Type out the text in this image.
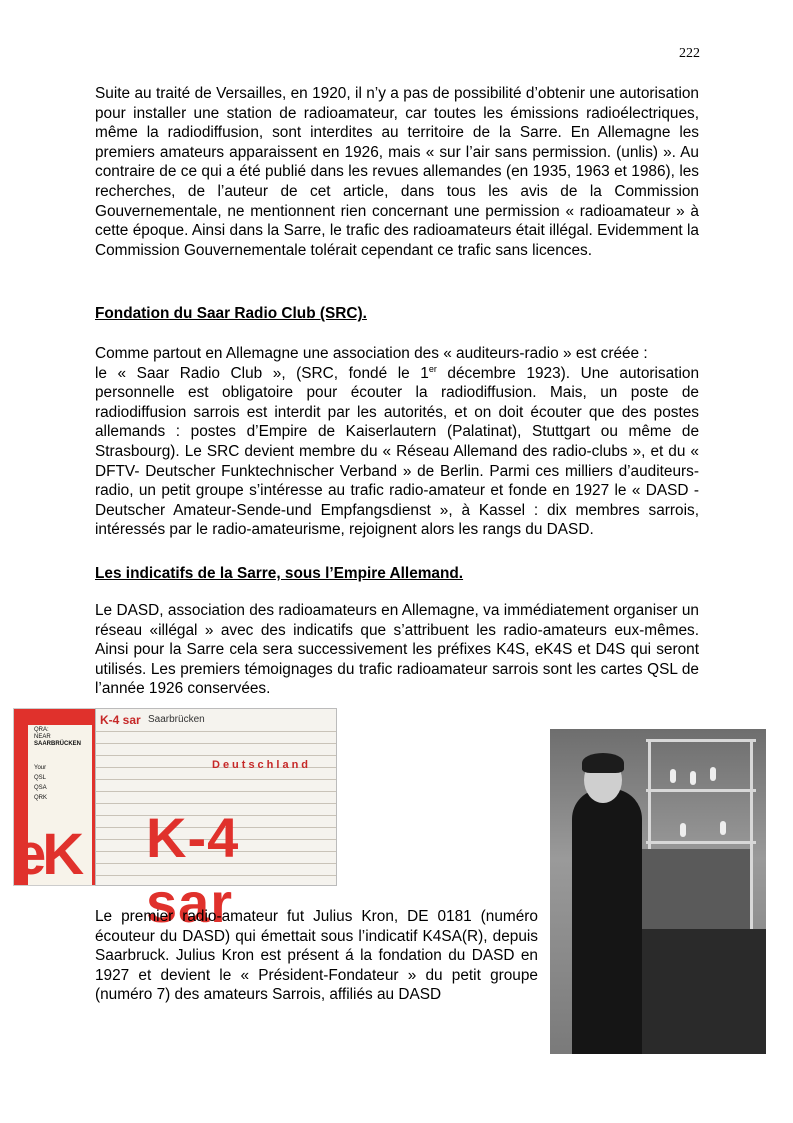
222

Suite au traité de Versailles, en 1920, il n’y a pas de possibilité d’obtenir une autorisation pour installer une station de radioamateur, car toutes les émissions radioélectriques, même la radiodiffusion, sont interdites au territoire de la Sarre. En Allemagne les premiers amateurs apparaissent en 1926, mais « sur l’air sans permission. (unlis) ». Au contraire de ce qui a été publié dans les revues allemandes (en 1935, 1963 et 1986), les recherches, de l’auteur de cet article, dans tous les avis de la Commission Gouvernementale, ne mentionnent rien concernant une permission « radioamateur » à cette époque. Ainsi dans la Sarre, le trafic des radioamateurs était illégal. Evidemment la Commission Gouvernementale tolérait cependant ce trafic sans licences.

Fondation du Saar Radio Club (SRC).

Comme partout en Allemagne une association des « auditeurs-radio » est créée :
le « Saar Radio Club », (SRC, fondé le 1er décembre 1923). Une autorisation personnelle est obligatoire pour écouter la radiodiffusion. Mais, un poste de radiodiffusion sarrois est interdit par les autorités, et on doit écouter que des postes allemands : postes d’Empire de Kaiserlautern (Palatinat), Stuttgart ou même de Strasbourg). Le SRC devient membre du « Réseau Allemand des radio-clubs », et du « DFTV- Deutscher Funktechnischer Verband » de Berlin. Parmi ces milliers d’auditeurs-radio, un petit groupe s’intéresse au trafic radio-amateur et fonde en 1927 le « DASD -Deutscher Amateur-Sende-und Empfangsdienst », à Kassel : dix membres sarrois, intéressés par le radio-amateurisme, rejoignent alors les rangs du DASD.

Les indicatifs de la Sarre, sous l’Empire Allemand.

Le DASD, association des radioamateurs en Allemagne, va immédiatement organiser un réseau «illégal » avec des indicatifs que s’attribuent les radio-amateurs eux-mêmes. Ainsi pour la Sarre cela sera successivement les préfixes K4S, eK4S et D4S qui seront utilisés. Les premiers témoignages du trafic radioamateur sarrois sont les cartes QSL de l’année 1926 conservées.

QRA:
NEAR
SAARBRÜCKEN
Your
QSL
QSA
QRK
eK
K-4 sar Saarbrücken
Deutschland
K-4 sar

Le premier radio-amateur fut Julius Kron, DE 0181 (numéro écouteur du DASD) qui émettait sous l’indicatif K4SA(R), depuis Saarbruck. Julius Kron est présent á la fondation du DASD en 1927 et devient le « Président-Fondateur » du petit groupe (numéro 7) des amateurs Sarrois, affiliés au DASD
